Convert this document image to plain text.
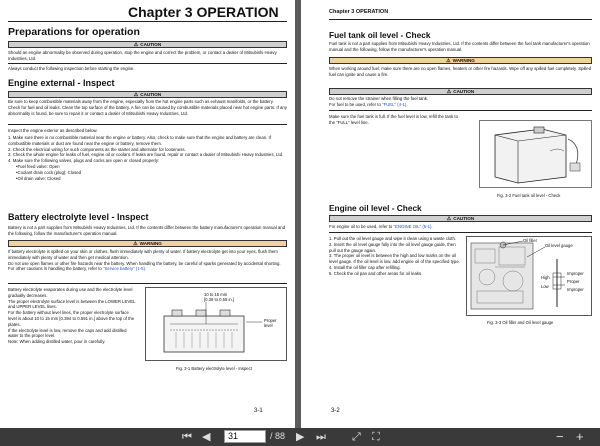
Chapter 3 OPERATION
Preparations for operation
⚠ CAUTION
Should an engine abnormality be observed during operation, stop the engine and correct the problem, or contact a dealer of Mitsubishi Heavy Industries, Ltd.
Always conduct the following inspection before starting the engine.
Engine external - Inspect
⚠ CAUTION
Be sure to keep combustible materials away from the engine, especially from the hot engine parts such as exhaust manifolds, or the battery. Check for fuel and oil leaks. Clean the top surface of the battery. A fire can be caused by combustible materials placed near hot engine parts. If any abnormality is found, be sure to repair it or contact a dealer of Mitsubishi Heavy Industries, Ltd.
Inspect the engine exterior as described below.

1. Make sure there is no combustible material near the engine or battery. Also, check to make sure that the engine and battery are clean. If combustible materials or dust are found near the engine or battery, remove them.

2. Check the electrical wiring for such components as the starter and alternator for looseness.

3. Check the whole engine for leaks of fuel, engine oil or coolant. If leaks are found, repair or contact a dealer of Mitsubishi Heavy Industries, Ltd.

4. Make sure the following valves, plugs and cocks are open or closed properly:

•Fuel feed valve: Open

•Coolant drain cock (plug): Closed

•Oil drain valve: Closed

Battery electrolyte level - Inspect
Battery is not a part supplies from Mitsubishi Heavy Industries, Ltd. If the contents differ between the battery manufacturer's operation manual and the following, follow the manufacturer's operation manual.
⚠ WARNING

If battery electrolyte is spilled on your skin or clothes, flush immediately with plenty of water. If battery electrolyte get into your eyes, flush them immediately with plenty of water and then get medical attention.

Do not use open flames or other fire hazards near the battery. When handling the battery, be careful of sparks generated by accidental shorting. For other cautions in handling the battery, refer to "Service battery" (1-5).

Battery electrolyte evaporates during use and the electrolyte level gradually decreases.

The proper electrolyte surface level is between the LOWER LEVEL and UPPER LEVEL lines.

For the battery without level lines, the proper electrolyte surface level is about 10 to 15 mm [0.394 to 0.591 in.] above the top of the plates.

If the electrolyte level is low, remove the caps and add distilled water to the proper level.

Note: When adding distilled water, pour in carefully.

10 to 15 mm
[0.39 to 0.59 in.]
Proper level
Fig. 3-1 Battery electrolyte level - Inspect
3-1
Chapter 3 OPERATION
Fuel tank oil level - Check
Fuel tank is not a part supplies from Mitsubishi Heavy Industries, Ltd. If the contents differ between the fuel tank manufacturer's operation manual and the following, follow the manufacturer's operation manual.
⚠ WARNING
When working around fuel, make sure there are no open flames, heaters or other fire hazards. Wipe off any spilled fuel completely. Spilled fuel can ignite and cause a fire.
⚠ CAUTION
Do not remove the strainer when filling the fuel tank.
For fuel to be used, refer to "FUEL" (4-1).
Make sure the fuel tank is full. If the fuel level is low, refill the tank to the "FULL" level line.
Fig. 3-2 Fuel tank oil level - Check
Engine oil level - Check
⚠ CAUTION
For engine oil to be used, refer to "ENGINE OIL" (5-1).

1. Pull out the oil level gauge and wipe it clean using a waste cloth.

2. Insert the oil level gauge fully into the oil level gauge guide, then pull out the gauge again.

3. The proper oil level is between the high and low marks on the oil level gauge. If the oil level is low, add engine oil of the specified type.

4. Install the oil filler cap after refilling.

5. Check the oil pan and other areas for oil leaks.

Oil filler
Oil level gauge
High
Low
Improper
Proper
Improper
Fig. 3-3 Oil filler and Oil level gauge
3-2
⏮ ◀	31	/ 88 ▶ ⏭ ⤢ ⛶	− +
